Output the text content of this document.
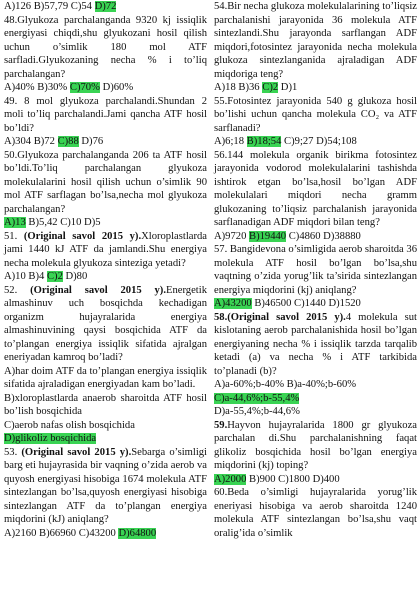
A)126 B)57,79 C)54 D)72

48.Glyukoza parchalanganda 9320 kj issiqlik energiyasi chiqdi,shu glyukozani hosil qilish uchun o’simlik 180 mol ATF sarfladi.Glyukozaning necha % i to’liq parchalangan?

A)40% B)30% C)70% D)60%

49. 8 mol glyukoza parchalandi.Shundan 2 moli to’liq parchalandi.Jami qancha ATF hosil bo’ldi?

A)304 B)72 C)88 D)76

50.Glyukoza parchalanganda 206 ta ATF hosil bo’ldi.To’liq parchalangan glyukoza molekulalarini hosil qilish uchun o’simlik 90 mol ATF sarflagan bo’lsa,necha mol glyukoza parchalangan?

A)13 B)5,42 C)10 D)5

51. (Original savol 2015 y).Xloroplastlarda jami 1440 kJ ATF da jamlandi.Shu energiya necha molekula glyukoza sinteziga yetadi?

A)10 B)4 C)2 D)80

52. (Original savol 2015 y).Energetik almashinuv uch bosqichda kechadigan organizm hujayralarida energiya almashinuvining qaysi bosqichida ATF da to’plangan energiya issiqlik sifatida ajralgan eneriyadan kamroq bo’ladi?

A)har doim ATF da to’plangan energiya issiqlik sifatida ajraladigan energiyadan kam bo’ladi.

B)xloroplastlarda anaerob sharoitda ATF hosil bo’lish bosqichida

C)aerob nafas olish bosqichida

D)glikoliz bosqichida

53. (Original savol 2015 y).Sebarga o’simligi barg eti hujayrasida bir vaqning o’zida aerob va quyosh energiyasi hisobiga 1674 molekula ATF sintezlangan bo’lsa,quyosh energiyasi hisobiga sintezlangan ATF da to’plangan energiya miqdorini (kJ) aniqlang?

A)2160 B)66960 C)43200 D)64800

54.Bir necha glukoza molekulalarining to’liqsiz parchalanishi jarayonida 36 molekula ATF sintezlandi.Shu jarayonda sarflangan ADF miqdori,fotosintez jarayonida necha molekula glukoza sintezlanganida ajraladigan ADF miqdoriga teng?

A)18 B)36 C)2 D)1

55.Fotosintez jarayonida 540 g glukoza hosil bo’lishi uchun qancha molekula CO₂ va ATF sarflanadi?

A)6;18 B)18;54 C)9;27 D)54;108

56.144 molekula organik birikma fotosintez jarayonida vodorod molekulalarini tashishda ishtirok etgan bo’lsa,hosil bo’lgan ADF molekulalari miqdori necha gramm glukozaning to’liqsiz parchalanish jarayonida sarflanadigan ADF miqdori bilan teng?

A)9720 B)19440 C)4860 D)38880

57. Bangidevona o’simligida aerob sharoitda 36 molekula ATF hosil bo’lgan bo’lsa,shu vaqtning o’zida yorug’lik ta’sirida sintezlangan energiya miqdorini (kj) aniqlang?

A)43200 B)46500 C)1440 D)1520

58.(Original savol 2015 y).4 molekula sut kislotaning aerob parchalanishida hosil bo’lgan energiyaning necha % i issiqlik tarzda tarqalib ketadi (a) va necha % i ATF tarkibida to’planadi (b)?

A)a-60%;b-40% B)a-40%;b-60%

C)a-44,6%;b-55,4%

D)a-55,4%;b-44,6%

59.Hayvon hujayralarida 1800 gr glyukoza parchalan di.Shu parchalanishning faqat glikoliz bosqichida hosil bo’lgan energiya miqdorini (kj) toping?

A)2000 B)900 C)1800 D)400

60.Beda o’simligi hujayralarida yorug’lik eneriyasi hisobiga va aerob sharoitda 1240 molekula ATF sintezlangan bo’lsa,shu vaqt oralig’ida o’simlik
